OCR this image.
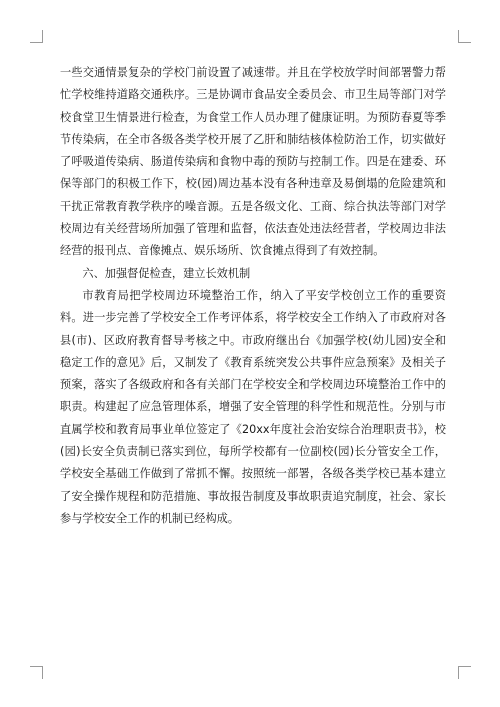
一些交通情景复杂的学校门前设置了减速带。并且在学校放学时间部署警力帮忙学校维持道路交通秩序。三是协调市食品安全委员会、市卫生局等部门对学校食堂卫生情景进行检查，为食堂工作人员办理了健康证明。为预防春夏等季节传染病，在全市各级各类学校开展了乙肝和肺结核体检防治工作，切实做好了呼吸道传染病、肠道传染病和食物中毒的预防与控制工作。四是在建委、环保等部门的积极工作下，校(园)周边基本没有各种违章及易倒塌的危险建筑和干扰正常教育教学秩序的噪音源。五是各级文化、工商、综合执法等部门对学校周边有关经营场所加强了管理和监督，依法查处违法经营者，学校周边非法经营的报刊点、音像摊点、娱乐场所、饮食摊点得到了有效控制。

六、加强督促检查，建立长效机制

市教育局把学校周边环境整治工作，纳入了平安学校创立工作的重要资料。进一步完善了学校安全工作考评体系，将学校安全工作纳入了市政府对各县(市)、区政府教育督导考核之中。市政府继出台《加强学校(幼儿园)安全和稳定工作的意见》后，又制发了《教育系统突发公共事件应急预案》及相关子预案，落实了各级政府和各有关部门在学校安全和学校周边环境整治工作中的职责。构建起了应急管理体系，增强了安全管理的科学性和规范性。分别与市直属学校和教育局事业单位签定了《20xx年度社会治安综合治理职责书》，校(园)长安全负责制已落实到位，每所学校都有一位副校(园)长分管安全工作，学校安全基础工作做到了常抓不懈。按照统一部署，各级各类学校已基本建立了安全操作规程和防范措施、事故报告制度及事故职责追究制度，社会、家长参与学校安全工作的机制已经构成。
